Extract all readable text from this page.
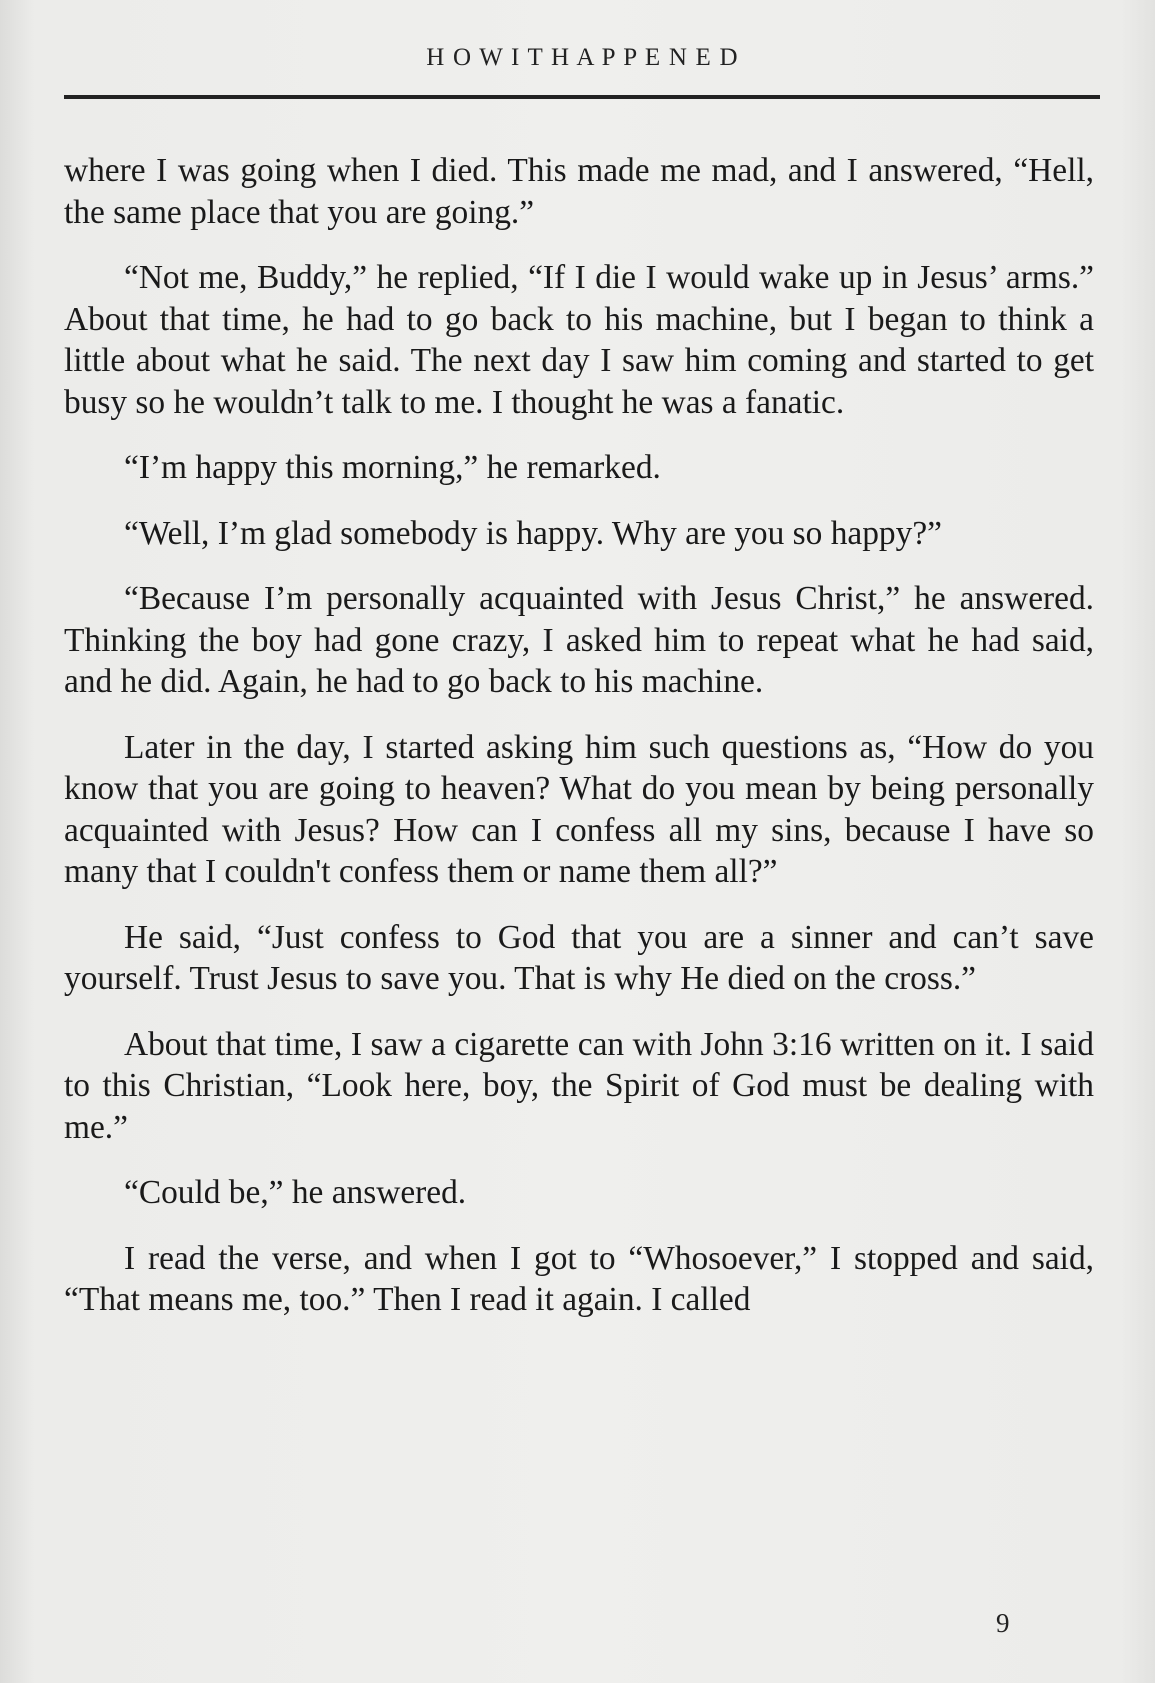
H O W I T H A P P E N E D

where I was going when I died. This made me mad, and I answered, “Hell, the same place that you are going.”

“Not me, Buddy,” he replied, “If I die I would wake up in Jesus’ arms.” About that time, he had to go back to his machine, but I began to think a little about what he said. The next day I saw him coming and started to get busy so he wouldn’t talk to me. I thought he was a fanatic.

“I’m happy this morning,” he remarked.

“Well, I’m glad somebody is happy. Why are you so happy?”

“Because I’m personally acquainted with Jesus Christ,” he answered. Thinking the boy had gone crazy, I asked him to repeat what he had said, and he did. Again, he had to go back to his machine.

Later in the day, I started asking him such questions as, “How do you know that you are going to heaven? What do you mean by being personally acquainted with Jesus? How can I confess all my sins, because I have so many that I couldn't confess them or name them all?”

He said, “Just confess to God that you are a sinner and can’t save yourself. Trust Jesus to save you. That is why He died on the cross.”

About that time, I saw a cigarette can with John 3:16 written on it. I said to this Christian, “Look here, boy, the Spirit of God must be dealing with me.”

“Could be,” he answered.

I read the verse, and when I got to “Whosoever,” I stopped and said, “That means me, too.” Then I read it again. I called

9
